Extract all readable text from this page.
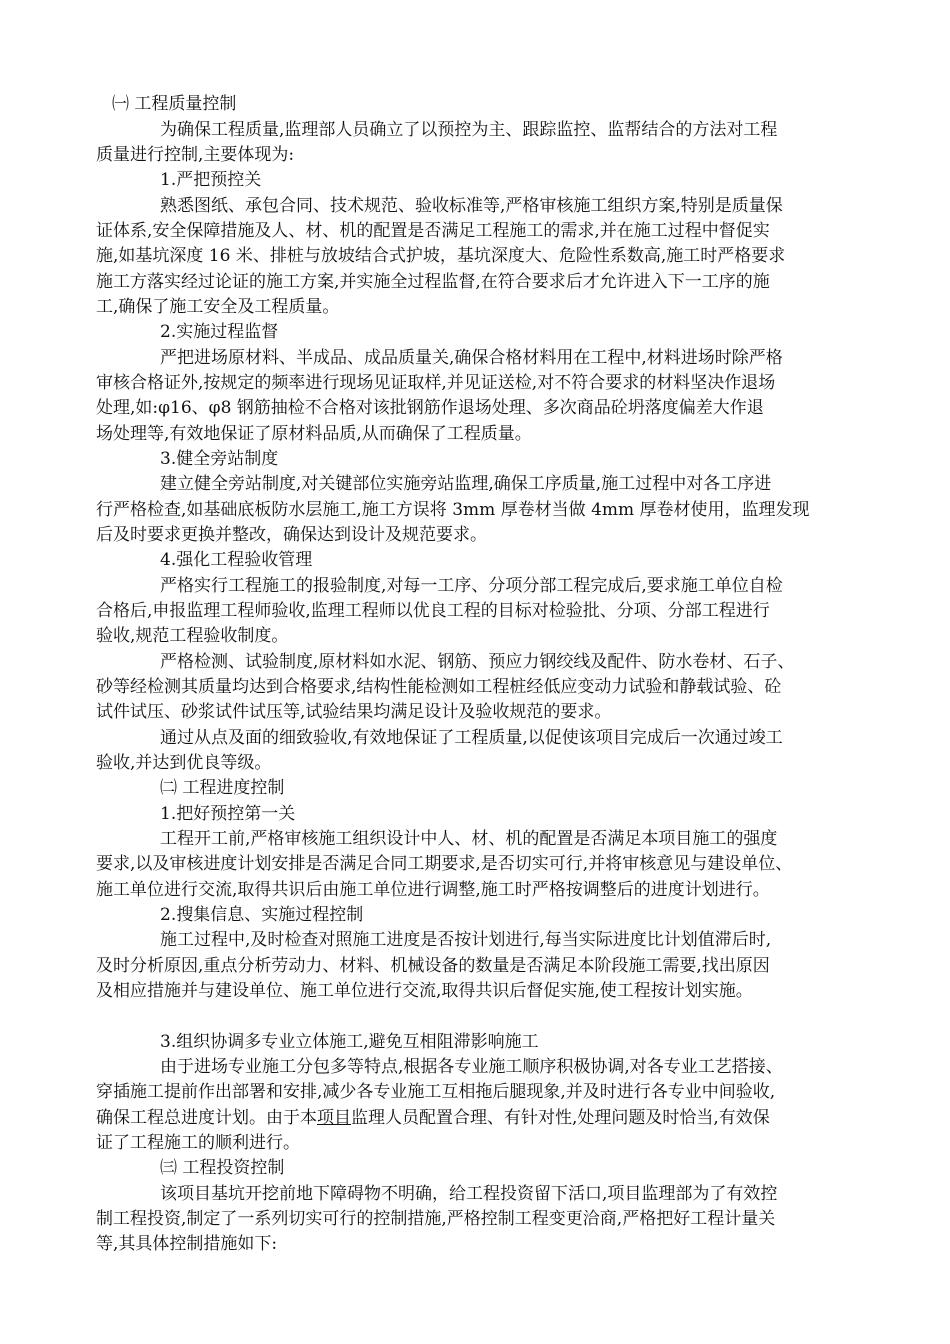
㈠ 工程质量控制
为确保工程质量,监理部人员确立了以预控为主、跟踪监控、监帮结合的方法对工程
质量进行控制,主要体现为:
1.严把预控关
熟悉图纸、承包合同、技术规范、验收标准等,严格审核施工组织方案,特别是质量保
证体系,安全保障措施及人、材、机的配置是否满足工程施工的需求,并在施工过程中督促实
施,如基坑深度 16 米、排桩与放坡结合式护坡，基坑深度大、危险性系数高,施工时严格要求
施工方落实经过论证的施工方案,并实施全过程监督,在符合要求后才允许进入下一工序的施
工,确保了施工安全及工程质量。
2.实施过程监督
严把进场原材料、半成品、成品质量关,确保合格材料用在工程中,材料进场时除严格
审核合格证外,按规定的频率进行现场见证取样,并见证送检,对不符合要求的材料坚决作退场
处理,如:φ16、φ8 钢筋抽检不合格对该批钢筋作退场处理、多次商品砼坍落度偏差大作退
场处理等,有效地保证了原材料品质,从而确保了工程质量。
3.健全旁站制度
建立健全旁站制度,对关键部位实施旁站监理,确保工序质量,施工过程中对各工序进
行严格检查,如基础底板防水层施工,施工方误将 3mm 厚卷材当做 4mm 厚卷材使用，监理发现
后及时要求更换并整改，确保达到设计及规范要求。
4.强化工程验收管理
严格实行工程施工的报验制度,对每一工序、分项分部工程完成后,要求施工单位自检
合格后,申报监理工程师验收,监理工程师以优良工程的目标对检验批、分项、分部工程进行
验收,规范工程验收制度。
严格检测、试验制度,原材料如水泥、钢筋、预应力钢绞线及配件、防水卷材、石子、
砂等经检测其质量均达到合格要求,结构性能检测如工程桩经低应变动力试验和静载试验、砼
试件试压、砂浆试件试压等,试验结果均满足设计及验收规范的要求。
通过从点及面的细致验收,有效地保证了工程质量,以促使该项目完成后一次通过竣工
验收,并达到优良等级。
㈡ 工程进度控制
1.把好预控第一关
工程开工前,严格审核施工组织设计中人、材、机的配置是否满足本项目施工的强度
要求,以及审核进度计划安排是否满足合同工期要求,是否切实可行,并将审核意见与建设单位、
施工单位进行交流,取得共识后由施工单位进行调整,施工时严格按调整后的进度计划进行。
2.搜集信息、实施过程控制
施工过程中,及时检查对照施工进度是否按计划进行,每当实际进度比计划值滞后时,
及时分析原因,重点分析劳动力、材料、机械设备的数量是否满足本阶段施工需要,找出原因
及相应措施并与建设单位、施工单位进行交流,取得共识后督促实施,使工程按计划实施。
3.组织协调多专业立体施工,避免互相阻滞影响施工
由于进场专业施工分包多等特点,根据各专业施工顺序积极协调,对各专业工艺搭接、
穿插施工提前作出部署和安排,减少各专业施工互相拖后腿现象,并及时进行各专业中间验收,
确保工程总进度计划。由于本项目监理人员配置合理、有针对性,处理问题及时恰当,有效保
证了工程施工的顺利进行。
㈢ 工程投资控制
该项目基坑开挖前地下障碍物不明确，给工程投资留下活口,项目监理部为了有效控
制工程投资,制定了一系列切实可行的控制措施,严格控制工程变更洽商,严格把好工程计量关
等,其具体控制措施如下:
